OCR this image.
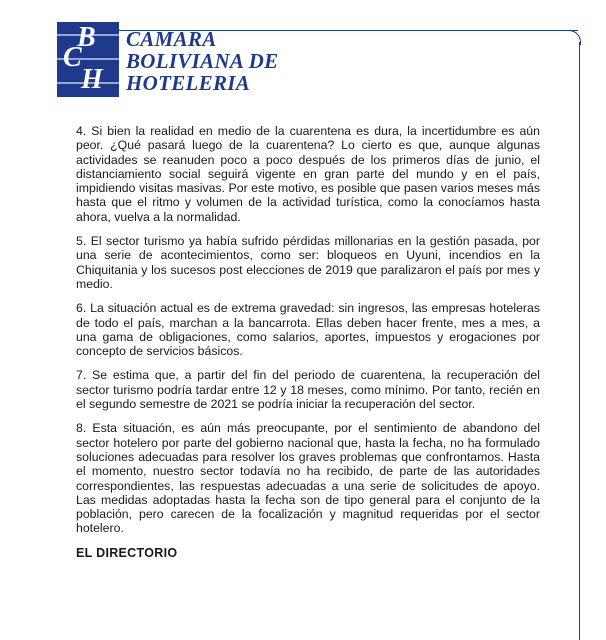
B
C
H
CAMARA
BOLIVIANA DE
HOTELERIA

4. Si bien la realidad en medio de la cuarentena es dura, la incertidumbre es aún peor. ¿Qué pasará luego de la cuarentena? Lo cierto es que, aunque algunas actividades se reanuden poco a poco después de los primeros días de junio, el distanciamiento social seguirá vigente en gran parte del mundo y en el país, impidiendo visitas masivas. Por este motivo, es posible que pasen varios meses más hasta que el ritmo y volumen de la actividad turística, como la conocíamos hasta ahora, vuelva a la normalidad.

5. El sector turismo ya había sufrido pérdidas millonarias en la gestión pasada, por una serie de acontecimientos, como ser: bloqueos en Uyuni, incendios en la Chiquitania y los sucesos post elecciones de 2019 que paralizaron el país por mes y medio.

6. La situación actual es de extrema gravedad: sin ingresos, las empresas hoteleras de todo el país, marchan a la bancarrota. Ellas deben hacer frente, mes a mes, a una gama de obligaciones, como salarios, aportes, impuestos y erogaciones por concepto de servicios básicos.

7. Se estima que, a partir del fin del periodo de cuarentena, la recuperación del sector turismo podría tardar entre 12 y 18 meses, como mínimo. Por tanto, recién en el segundo semestre de 2021 se podría iniciar la recuperación del sector.

8. Esta situación, es aún más preocupante, por el sentimiento de abandono del sector hotelero por parte del gobierno nacional que, hasta la fecha, no ha formulado soluciones adecuadas para resolver los graves problemas que confrontamos. Hasta el momento, nuestro sector todavía no ha recibido, de parte de las autoridades correspondientes, las respuestas adecuadas a una serie de solicitudes de apoyo. Las medidas adoptadas hasta la fecha son de tipo general para el conjunto de la población, pero carecen de la focalización y magnitud requeridas por el sector hotelero.

EL DIRECTORIO
